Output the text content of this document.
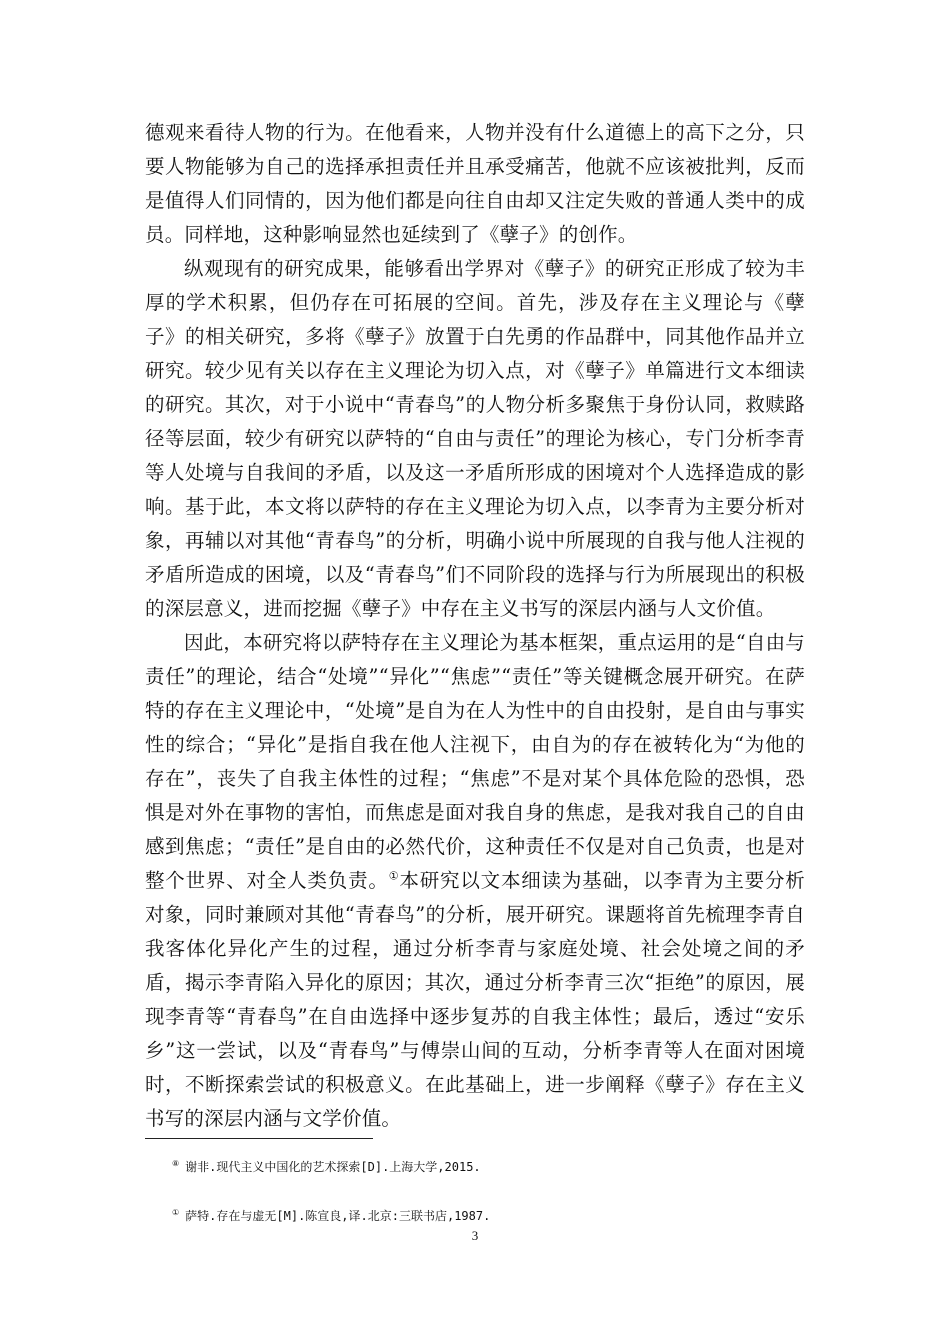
德观来看待人物的行为。在他看来，人物并没有什么道德上的高下之分，只要人物能够为自己的选择承担责任并且承受痛苦，他就不应该被批判，反而是值得人们同情的，因为他们都是向往自由却又注定失败的普通人类中的成员。同样地，这种影响显然也延续到了《孽子》的创作。

纵观现有的研究成果，能够看出学界对《孽子》的研究正形成了较为丰厚的学术积累，但仍存在可拓展的空间。首先，涉及存在主义理论与《孽子》的相关研究，多将《孽子》放置于白先勇的作品群中，同其他作品并立研究。较少见有关以存在主义理论为切入点，对《孽子》单篇进行文本细读的研究。其次，对于小说中“青春鸟”的人物分析多聚焦于身份认同，救赎路径等层面，较少有研究以萨特的“自由与责任”的理论为核心，专门分析李青等人处境与自我间的矛盾，以及这一矛盾所形成的困境对个人选择造成的影响。基于此，本文将以萨特的存在主义理论为切入点，以李青为主要分析对象，再辅以对其他“青春鸟”的分析，明确小说中所展现的自我与他人注视的矛盾所造成的困境，以及“青春鸟”们不同阶段的选择与行为所展现出的积极的深层意义，进而挖掘《孽子》中存在主义书写的深层内涵与人文价值。

因此，本研究将以萨特存在主义理论为基本框架，重点运用的是“自由与责任”的理论，结合“处境”“异化”“焦虑”“责任”等关键概念展开研究。在萨特的存在主义理论中，“处境”是自为在人为性中的自由投射，是自由与事实性的综合；“异化”是指自我在他人注视下，由自为的存在被转化为“为他的存在”，丧失了自我主体性的过程；“焦虑”不是对某个具体危险的恐惧，恐惧是对外在事物的害怕，而焦虑是面对我自身的焦虑，是我对我自己的自由感到焦虑；“责任”是自由的必然代价，这种责任不仅是对自己负责，也是对整个世界、对全人类负责。①本研究以文本细读为基础，以李青为主要分析对象，同时兼顾对其他“青春鸟”的分析，展开研究。课题将首先梳理李青自我客体化异化产生的过程，通过分析李青与家庭处境、社会处境之间的矛盾，揭示李青陷入异化的原因；其次，通过分析李青三次“拒绝”的原因，展现李青等“青春鸟”在自由选择中逐步复苏的自我主体性；最后，透过“安乐乡”这一尝试，以及“青春鸟”与傅崇山间的互动，分析李青等人在面对困境时，不断探索尝试的积极意义。在此基础上，进一步阐释《孽子》存在主义书写的深层内涵与文学价值。

⑧ 谢非.现代主义中国化的艺术探索[D].上海大学,2015.
① 萨特.存在与虚无[M].陈宣良,译.北京:三联书店,1987.
3
